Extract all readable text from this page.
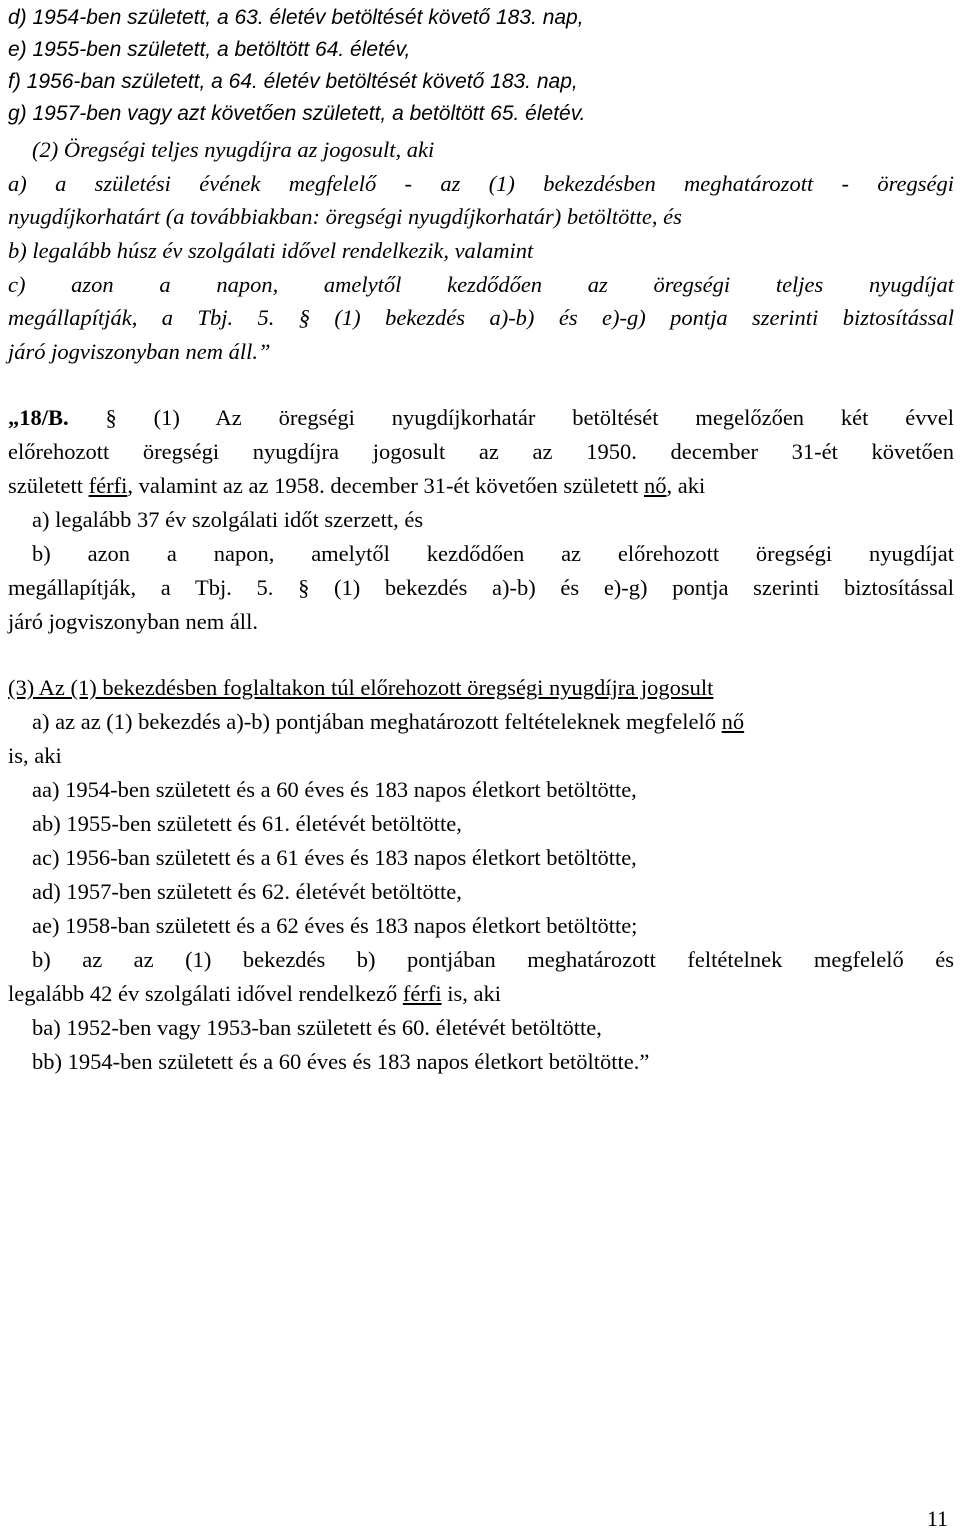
d) 1954-ben született, a 63. életév betöltését követő 183. nap,
e) 1955-ben született, a betöltött 64. életév,
f) 1956-ban született, a 64. életév betöltését követő 183. nap,
g) 1957-ben vagy azt követően született, a betöltött 65. életév.
(2) Öregségi teljes nyugdíjra az jogosult, aki
a) a születési évének megfelelő - az (1) bekezdésben meghatározott - öregségi
nyugdíjkorhatárt (a továbbiakban: öregségi nyugdíjkorhatár) betöltötte, és
b) legalább húsz év szolgálati idővel rendelkezik, valamint
c) azon a napon, amelytől kezdődően az öregségi teljes nyugdíjat
megállapítják, a Tbj. 5. § (1) bekezdés a)-b) és e)-g) pontja szerinti biztosítással
járó jogviszonyban nem áll.”
„18/B. § (1) Az öregségi nyugdíjkorhatár betöltését megelőzően két évvel
előrehozott öregségi nyugdíjra jogosult az az 1950. december 31-ét követően
született férfi, valamint az az 1958. december 31-ét követően született nő, aki
a) legalább 37 év szolgálati időt szerzett, és
b) azon a napon, amelytől kezdődően az előrehozott öregségi nyugdíjat
megállapítják, a Tbj. 5. § (1) bekezdés a)-b) és e)-g) pontja szerinti biztosítással
járó jogviszonyban nem áll.
(3) Az (1) bekezdésben foglaltakon túl előrehozott öregségi nyugdíjra jogosult
a) az az (1) bekezdés a)-b) pontjában meghatározott feltételeknek megfelelő nő
is, aki
aa) 1954-ben született és a 60 éves és 183 napos életkort betöltötte,
ab) 1955-ben született és 61. életévét betöltötte,
ac) 1956-ban született és a 61 éves és 183 napos életkort betöltötte,
ad) 1957-ben született és 62. életévét betöltötte,
ae) 1958-ban született és a 62 éves és 183 napos életkort betöltötte;
b) az az (1) bekezdés b) pontjában meghatározott feltételnek megfelelő és
legalább 42 év szolgálati idővel rendelkező férfi is, aki
ba) 1952-ben vagy 1953-ban született és 60. életévét betöltötte,
bb) 1954-ben született és a 60 éves és 183 napos életkort betöltötte.”
11
